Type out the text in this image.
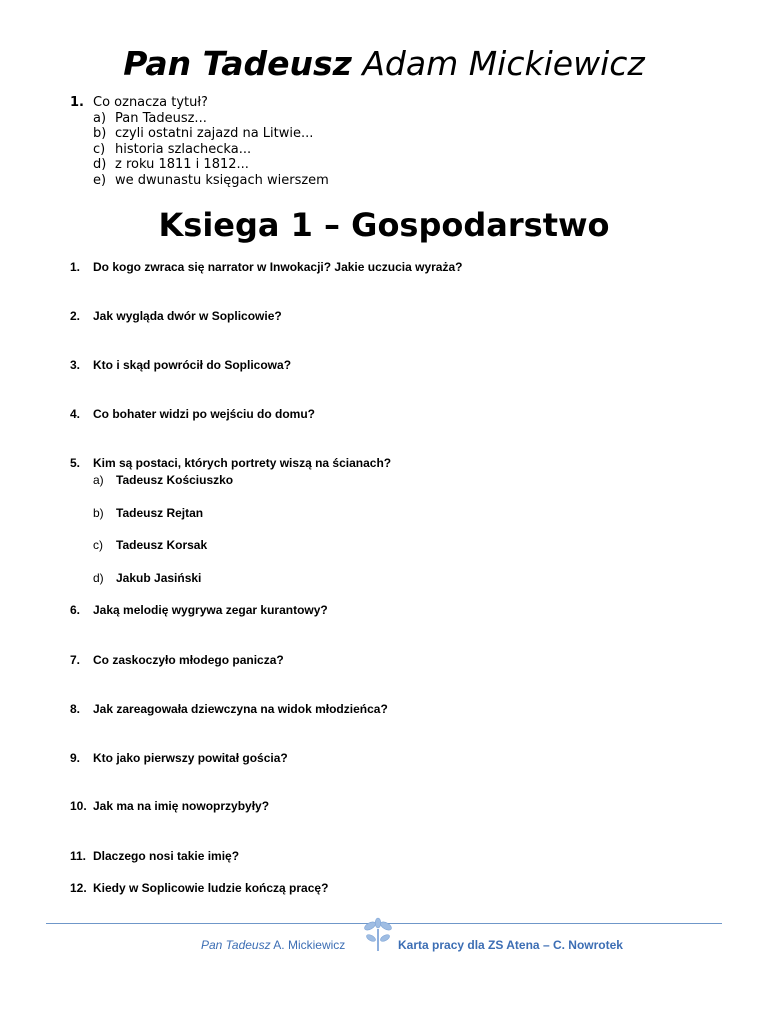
Pan Tadeusz Adam Mickiewicz
1. Co oznacza tytuł?
a) Pan Tadeusz...
b) czyli ostatni zajazd na Litwie...
c) historia szlachecka...
d) z roku 1811 i 1812...
e) we dwunastu księgach wierszem
Ksiega 1 – Gospodarstwo
1. Do kogo zwraca się narrator w Inwokacji? Jakie uczucia wyraża?
2. Jak wygląda dwór w Soplicowie?
3. Kto i skąd powrócił do Soplicowa?
4. Co bohater widzi po wejściu do domu?
5. Kim są postaci, których portrety wiszą na ścianach?
a) Tadeusz Kościuszko
b) Tadeusz Rejtan
c) Tadeusz Korsak
d) Jakub Jasiński
6. Jaką melodię wygrywa zegar kurantowy?
7. Co zaskoczyło młodego panicza?
8. Jak zareagowała dziewczyna na widok młodzieńca?
9. Kto jako pierwszy powitał gościa?
10. Jak ma na imię nowoprzybyły?
11. Dlaczego nosi takie imię?
12. Kiedy w Soplicowie ludzie kończą pracę?
Pan Tadeusz A. Mickiewicz	Karta pracy dla ZS Atena – C. Nowrotek
